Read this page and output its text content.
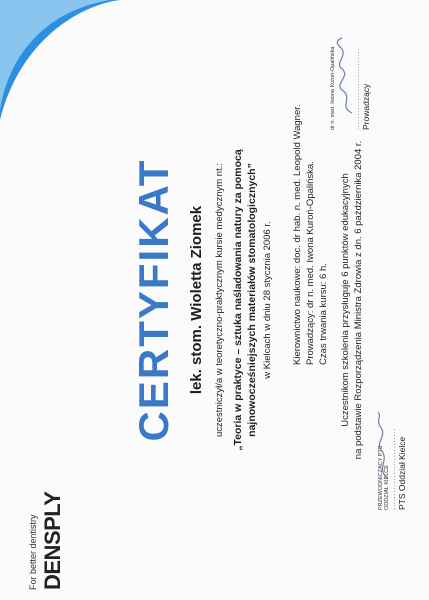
For better dentistry DENSPLY
CERTYFIKAT lek. stom. Wioletta Ziomek uczestniczył/a w teoretyczno-praktycznym kursie medycznym nt.: „Teoria w praktyce – sztuka naśladowania natury za pomocą najnowocześniejszych materiałów stomatologicznych” w Kielcach w dniu 28 stycznia 2006 r. Kierownictwo naukowe: doc. dr hab. n. med. Leopold Wagner. Prowadzący: dr n. med. Iwona Kuroń-Opalińska. Czas trwania kursu: 6 h. Uczestnikom szkolenia przysługuje 6 punktów edukacyjnych na podstawie Rozporządzenia Ministra Zdrowia z dn. 6 października 2004 r.
PRZEWODNICZĄCY PTS ODDZIAŁ KIELCE ............................ PTS Oddział Kielce
dr n. med. Iwona Kuroń-Opalińska	............................ Prowadzący
